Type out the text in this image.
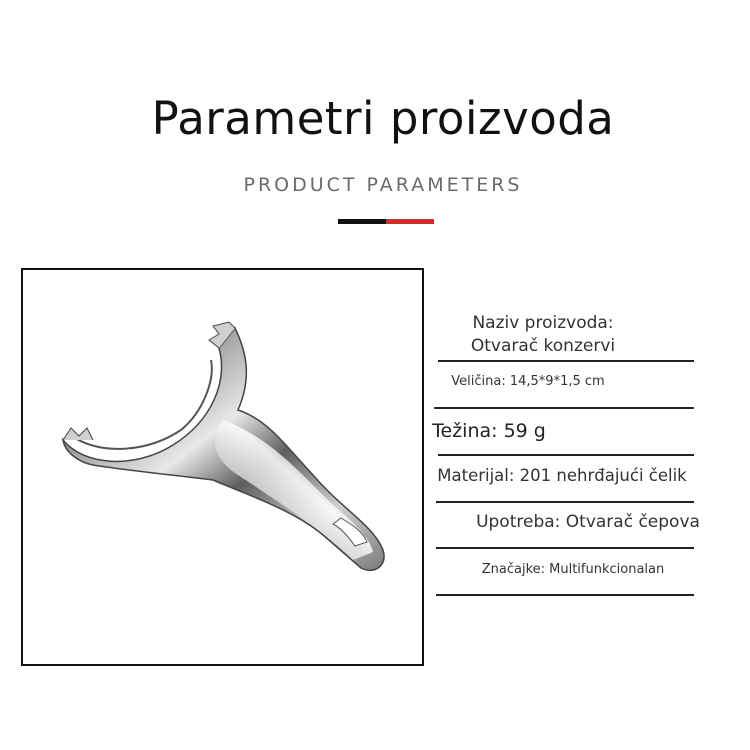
Parametri proizvoda
PRODUCT PARAMETERS
Naziv proizvoda:
Otvarač konzervi
Veličina: 14,5*9*1,5 cm
Težina: 59 g
Materijal: 201 nehrđajući čelik
Upotreba: Otvarač čepova
Značajke: Multifunkcionalan
